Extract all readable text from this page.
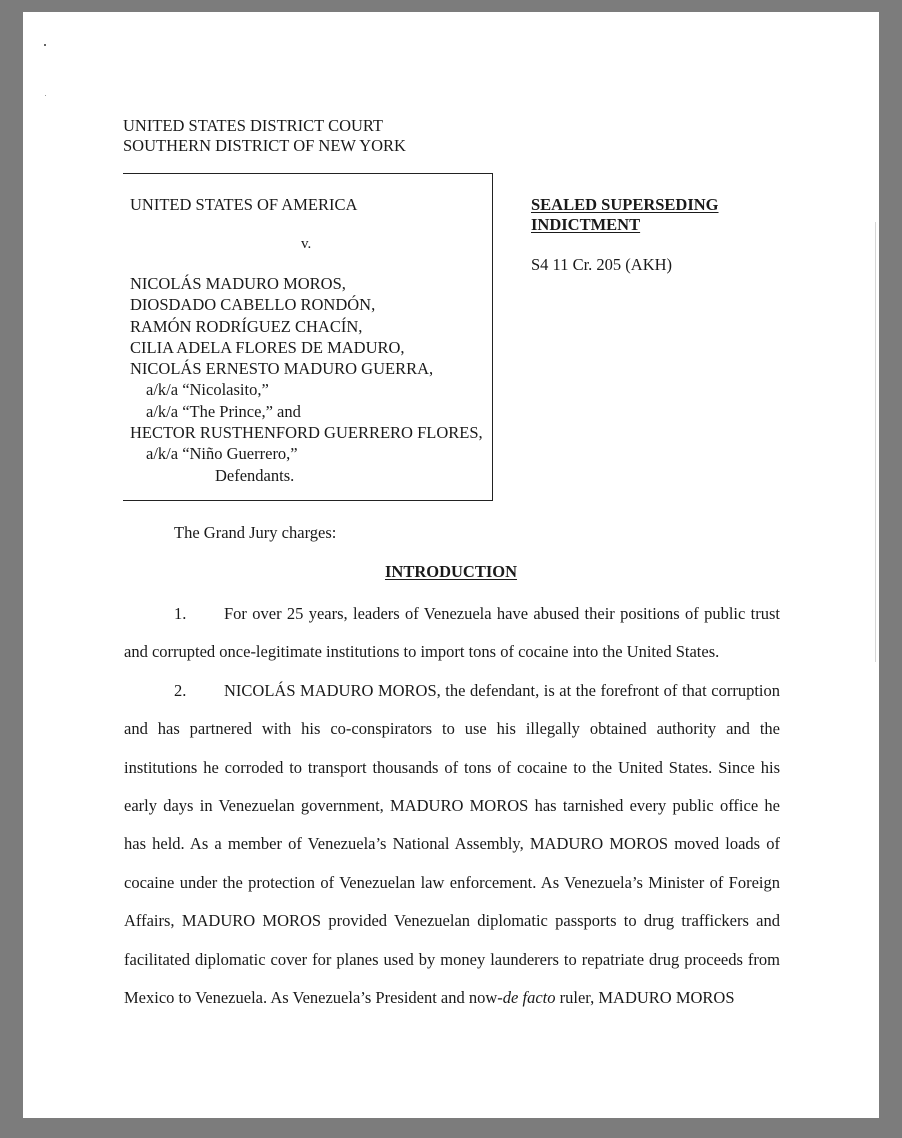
UNITED STATES DISTRICT COURT
SOUTHERN DISTRICT OF NEW YORK
UNITED STATES OF AMERICA
v.
NICOLÁS MADURO MOROS,
DIOSDADO CABELLO RONDÓN,
RAMÓN RODRÍGUEZ CHACÍN,
CILIA ADELA FLORES DE MADURO,
NICOLÁS ERNESTO MADURO GUERRA,
a/k/a “Nicolasito,”
a/k/a “The Prince,” and
HECTOR RUSTHENFORD GUERRERO FLORES,
a/k/a “Niño Guerrero,”
Defendants.
SEALED SUPERSEDING
INDICTMENT
S4 11 Cr. 205 (AKH)
The Grand Jury charges:
INTRODUCTION

1. For over 25 years, leaders of Venezuela have abused their positions of public trust and corrupted once-legitimate institutions to import tons of cocaine into the United States.

2. NICOLÁS MADURO MOROS, the defendant, is at the forefront of that corruption and has partnered with his co-conspirators to use his illegally obtained authority and the institutions he corroded to transport thousands of tons of cocaine to the United States. Since his early days in Venezuelan government, MADURO MOROS has tarnished every public office he has held. As a member of Venezuela’s National Assembly, MADURO MOROS moved loads of cocaine under the protection of Venezuelan law enforcement. As Venezuela’s Minister of Foreign Affairs, MADURO MOROS provided Venezuelan diplomatic passports to drug traffickers and facilitated diplomatic cover for planes used by money launderers to repatriate drug proceeds from Mexico to Venezuela. As Venezuela’s President and now-de facto ruler, MADURO MOROS
